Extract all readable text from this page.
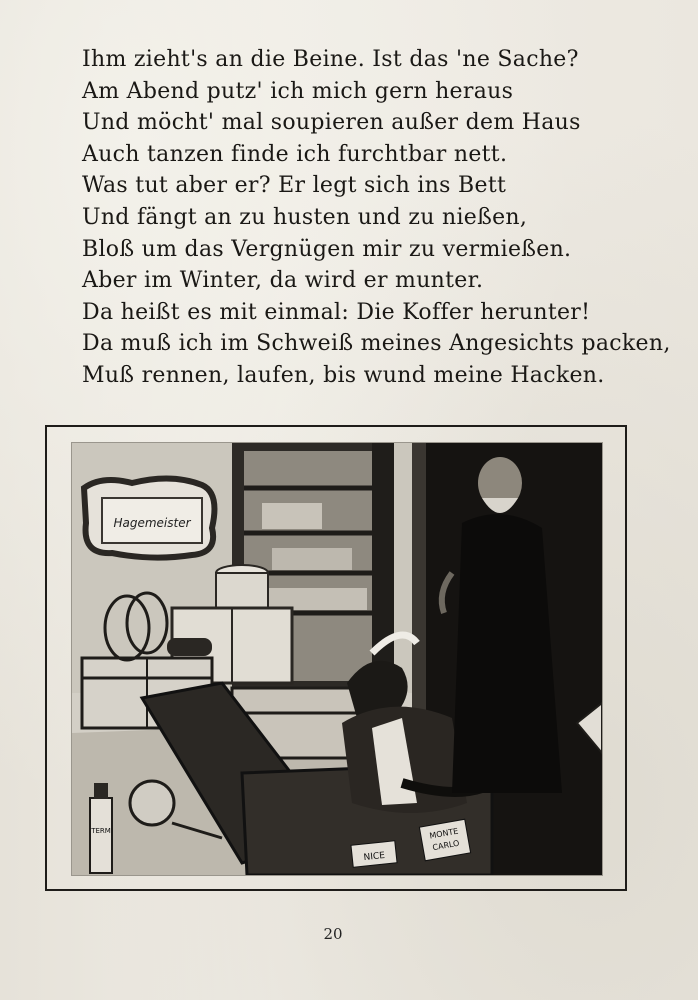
Ihm zieht's an die Beine. Ist das 'ne Sache?
Am Abend putz' ich mich gern heraus
Und möcht' mal soupieren außer dem Haus
Auch tanzen finde ich furchtbar nett.
Was tut aber er? Er legt sich ins Bett
Und fängt an zu husten und zu nießen,
Bloß um das Vergnügen mir zu vermießen.
Aber im Winter, da wird er munter.
Da heißt es mit einmal: Die Koffer herunter!
Da muß ich im Schweiß meines Angesichts packen,
Muß rennen, laufen, bis wund meine Hacken.
Hagemeister
NICE
MONTE
CARLO
TERM
20
